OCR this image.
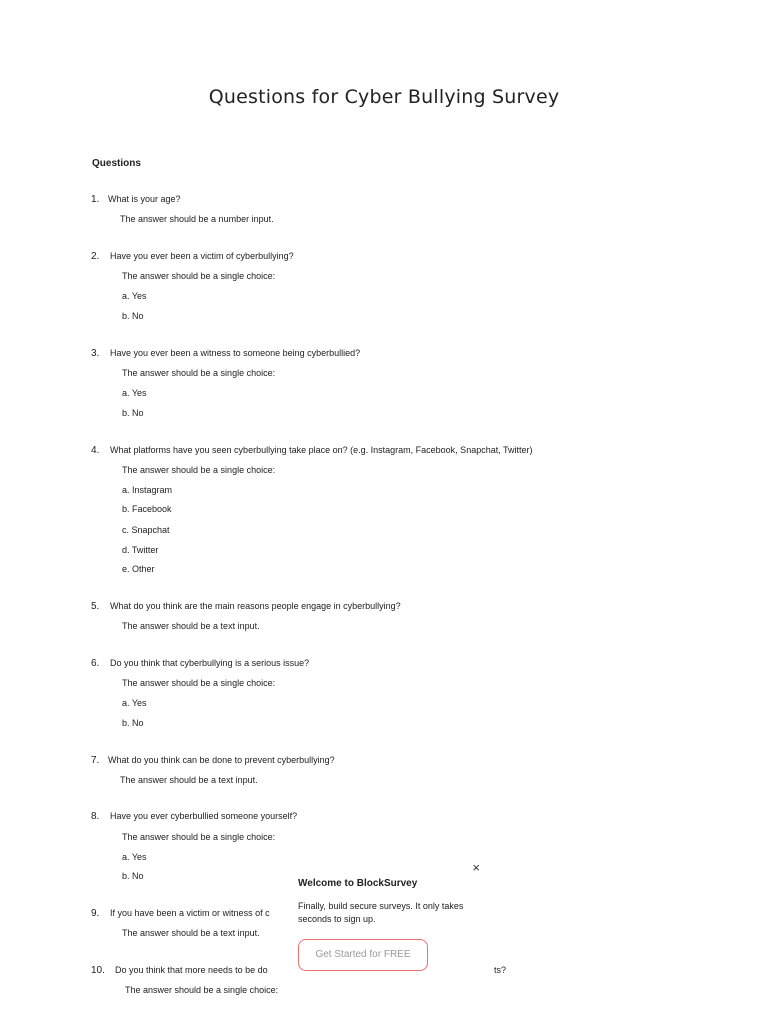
Questions for Cyber Bullying Survey
Questions
1. What is your age?
The answer should be a number input.
2. Have you ever been a victim of cyberbullying?
The answer should be a single choice:
a. Yes
b. No
3. Have you ever been a witness to someone being cyberbullied?
The answer should be a single choice:
a. Yes
b. No
4. What platforms have you seen cyberbullying take place on? (e.g. Instagram, Facebook, Snapchat, Twitter)
The answer should be a single choice:
a. Instagram
b. Facebook
c. Snapchat
d. Twitter
e. Other
5. What do you think are the main reasons people engage in cyberbullying?
The answer should be a text input.
6. Do you think that cyberbullying is a serious issue?
The answer should be a single choice:
a. Yes
b. No
7. What do you think can be done to prevent cyberbullying?
The answer should be a text input.
8. Have you ever cyberbullied someone yourself?
The answer should be a single choice:
a. Yes
b. No
9. If you have been a victim or witness of c
The answer should be a text input.
10. Do you think that more needs to be do	ts?
The answer should be a single choice:
×
Welcome to BlockSurvey
Finally, build secure surveys. It only takes seconds to sign up.
Get Started for FREE
